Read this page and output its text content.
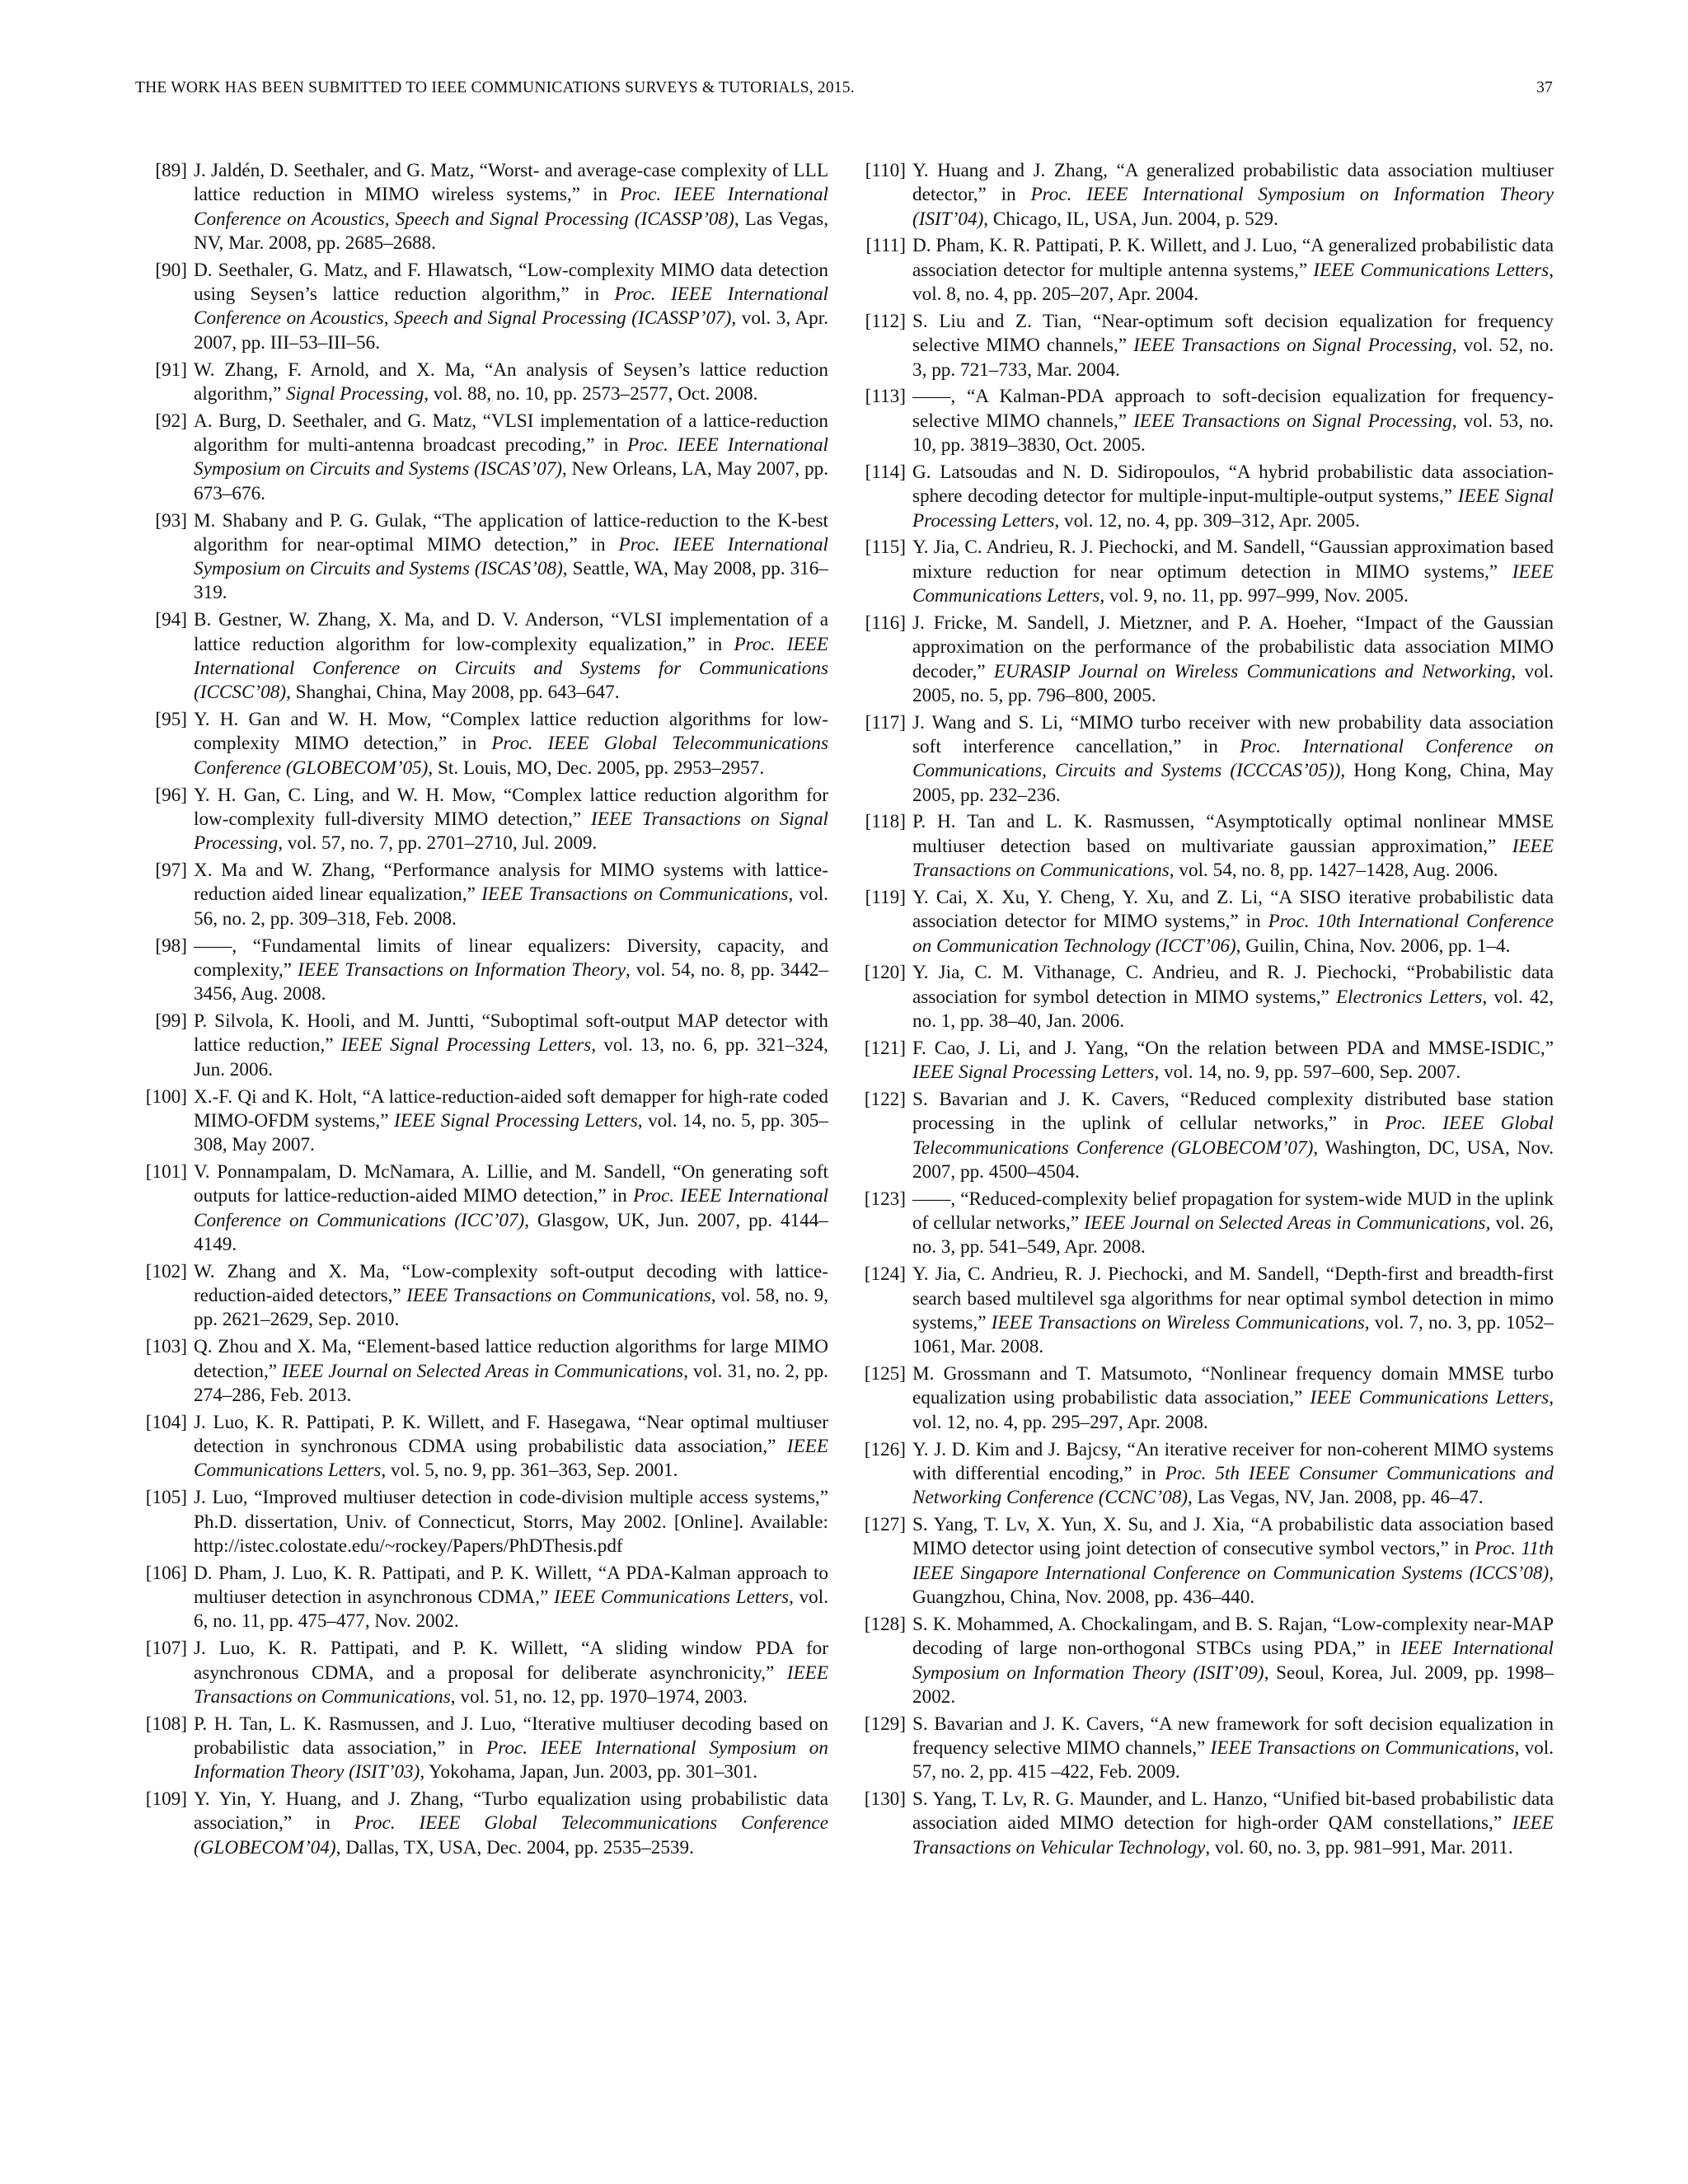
THE WORK HAS BEEN SUBMITTED TO IEEE COMMUNICATIONS SURVEYS & TUTORIALS, 2015.	37
[89] J. Jaldén, D. Seethaler, and G. Matz, “Worst- and average-case complexity of LLL lattice reduction in MIMO wireless systems,” in Proc. IEEE International Conference on Acoustics, Speech and Signal Processing (ICASSP’08), Las Vegas, NV, Mar. 2008, pp. 2685–2688.
[90] D. Seethaler, G. Matz, and F. Hlawatsch, “Low-complexity MIMO data detection using Seysen’s lattice reduction algorithm,” in Proc. IEEE International Conference on Acoustics, Speech and Signal Processing (ICASSP’07), vol. 3, Apr. 2007, pp. III–53–III–56.
[91] W. Zhang, F. Arnold, and X. Ma, “An analysis of Seysen’s lattice reduction algorithm,” Signal Processing, vol. 88, no. 10, pp. 2573–2577, Oct. 2008.
[92] A. Burg, D. Seethaler, and G. Matz, “VLSI implementation of a lattice-reduction algorithm for multi-antenna broadcast precoding,” in Proc. IEEE International Symposium on Circuits and Systems (ISCAS’07), New Orleans, LA, May 2007, pp. 673–676.
[93] M. Shabany and P. G. Gulak, “The application of lattice-reduction to the K-best algorithm for near-optimal MIMO detection,” in Proc. IEEE International Symposium on Circuits and Systems (ISCAS’08), Seattle, WA, May 2008, pp. 316–319.
[94] B. Gestner, W. Zhang, X. Ma, and D. V. Anderson, “VLSI implementation of a lattice reduction algorithm for low-complexity equalization,” in Proc. IEEE International Conference on Circuits and Systems for Communications (ICCSC’08), Shanghai, China, May 2008, pp. 643–647.
[95] Y. H. Gan and W. H. Mow, “Complex lattice reduction algorithms for low-complexity MIMO detection,” in Proc. IEEE Global Telecommunications Conference (GLOBECOM’05), St. Louis, MO, Dec. 2005, pp. 2953–2957.
[96] Y. H. Gan, C. Ling, and W. H. Mow, “Complex lattice reduction algorithm for low-complexity full-diversity MIMO detection,” IEEE Transactions on Signal Processing, vol. 57, no. 7, pp. 2701–2710, Jul. 2009.
[97] X. Ma and W. Zhang, “Performance analysis for MIMO systems with lattice-reduction aided linear equalization,” IEEE Transactions on Communications, vol. 56, no. 2, pp. 309–318, Feb. 2008.
[98] ——, “Fundamental limits of linear equalizers: Diversity, capacity, and complexity,” IEEE Transactions on Information Theory, vol. 54, no. 8, pp. 3442–3456, Aug. 2008.
[99] P. Silvola, K. Hooli, and M. Juntti, “Suboptimal soft-output MAP detector with lattice reduction,” IEEE Signal Processing Letters, vol. 13, no. 6, pp. 321–324, Jun. 2006.
[100] X.-F. Qi and K. Holt, “A lattice-reduction-aided soft demapper for high-rate coded MIMO-OFDM systems,” IEEE Signal Processing Letters, vol. 14, no. 5, pp. 305–308, May 2007.
[101] V. Ponnampalam, D. McNamara, A. Lillie, and M. Sandell, “On generating soft outputs for lattice-reduction-aided MIMO detection,” in Proc. IEEE International Conference on Communications (ICC’07), Glasgow, UK, Jun. 2007, pp. 4144–4149.
[102] W. Zhang and X. Ma, “Low-complexity soft-output decoding with lattice-reduction-aided detectors,” IEEE Transactions on Communications, vol. 58, no. 9, pp. 2621–2629, Sep. 2010.
[103] Q. Zhou and X. Ma, “Element-based lattice reduction algorithms for large MIMO detection,” IEEE Journal on Selected Areas in Communications, vol. 31, no. 2, pp. 274–286, Feb. 2013.
[104] J. Luo, K. R. Pattipati, P. K. Willett, and F. Hasegawa, “Near optimal multiuser detection in synchronous CDMA using probabilistic data association,” IEEE Communications Letters, vol. 5, no. 9, pp. 361–363, Sep. 2001.
[105] J. Luo, “Improved multiuser detection in code-division multiple access systems,” Ph.D. dissertation, Univ. of Connecticut, Storrs, May 2002. [Online]. Available: http://istec.colostate.edu/~rockey/Papers/PhDThesis.pdf
[106] D. Pham, J. Luo, K. R. Pattipati, and P. K. Willett, “A PDA-Kalman approach to multiuser detection in asynchronous CDMA,” IEEE Communications Letters, vol. 6, no. 11, pp. 475–477, Nov. 2002.
[107] J. Luo, K. R. Pattipati, and P. K. Willett, “A sliding window PDA for asynchronous CDMA, and a proposal for deliberate asynchronicity,” IEEE Transactions on Communications, vol. 51, no. 12, pp. 1970–1974, 2003.
[108] P. H. Tan, L. K. Rasmussen, and J. Luo, “Iterative multiuser decoding based on probabilistic data association,” in Proc. IEEE International Symposium on Information Theory (ISIT’03), Yokohama, Japan, Jun. 2003, pp. 301–301.
[109] Y. Yin, Y. Huang, and J. Zhang, “Turbo equalization using probabilistic data association,” in Proc. IEEE Global Telecommunications Conference (GLOBECOM’04), Dallas, TX, USA, Dec. 2004, pp. 2535–2539.
[110] Y. Huang and J. Zhang, “A generalized probabilistic data association multiuser detector,” in Proc. IEEE International Symposium on Information Theory (ISIT’04), Chicago, IL, USA, Jun. 2004, p. 529.
[111] D. Pham, K. R. Pattipati, P. K. Willett, and J. Luo, “A generalized probabilistic data association detector for multiple antenna systems,” IEEE Communications Letters, vol. 8, no. 4, pp. 205–207, Apr. 2004.
[112] S. Liu and Z. Tian, “Near-optimum soft decision equalization for frequency selective MIMO channels,” IEEE Transactions on Signal Processing, vol. 52, no. 3, pp. 721–733, Mar. 2004.
[113] ——, “A Kalman-PDA approach to soft-decision equalization for frequency-selective MIMO channels,” IEEE Transactions on Signal Processing, vol. 53, no. 10, pp. 3819–3830, Oct. 2005.
[114] G. Latsoudas and N. D. Sidiropoulos, “A hybrid probabilistic data association-sphere decoding detector for multiple-input-multiple-output systems,” IEEE Signal Processing Letters, vol. 12, no. 4, pp. 309–312, Apr. 2005.
[115] Y. Jia, C. Andrieu, R. J. Piechocki, and M. Sandell, “Gaussian approximation based mixture reduction for near optimum detection in MIMO systems,” IEEE Communications Letters, vol. 9, no. 11, pp. 997–999, Nov. 2005.
[116] J. Fricke, M. Sandell, J. Mietzner, and P. A. Hoeher, “Impact of the Gaussian approximation on the performance of the probabilistic data association MIMO decoder,” EURASIP Journal on Wireless Communications and Networking, vol. 2005, no. 5, pp. 796–800, 2005.
[117] J. Wang and S. Li, “MIMO turbo receiver with new probability data association soft interference cancellation,” in Proc. International Conference on Communications, Circuits and Systems (ICCCAS’05)), Hong Kong, China, May 2005, pp. 232–236.
[118] P. H. Tan and L. K. Rasmussen, “Asymptotically optimal nonlinear MMSE multiuser detection based on multivariate gaussian approximation,” IEEE Transactions on Communications, vol. 54, no. 8, pp. 1427–1428, Aug. 2006.
[119] Y. Cai, X. Xu, Y. Cheng, Y. Xu, and Z. Li, “A SISO iterative probabilistic data association detector for MIMO systems,” in Proc. 10th International Conference on Communication Technology (ICCT’06), Guilin, China, Nov. 2006, pp. 1–4.
[120] Y. Jia, C. M. Vithanage, C. Andrieu, and R. J. Piechocki, “Probabilistic data association for symbol detection in MIMO systems,” Electronics Letters, vol. 42, no. 1, pp. 38–40, Jan. 2006.
[121] F. Cao, J. Li, and J. Yang, “On the relation between PDA and MMSE-ISDIC,” IEEE Signal Processing Letters, vol. 14, no. 9, pp. 597–600, Sep. 2007.
[122] S. Bavarian and J. K. Cavers, “Reduced complexity distributed base station processing in the uplink of cellular networks,” in Proc. IEEE Global Telecommunications Conference (GLOBECOM’07), Washington, DC, USA, Nov. 2007, pp. 4500–4504.
[123] ——, “Reduced-complexity belief propagation for system-wide MUD in the uplink of cellular networks,” IEEE Journal on Selected Areas in Communications, vol. 26, no. 3, pp. 541–549, Apr. 2008.
[124] Y. Jia, C. Andrieu, R. J. Piechocki, and M. Sandell, “Depth-first and breadth-first search based multilevel sga algorithms for near optimal symbol detection in mimo systems,” IEEE Transactions on Wireless Communications, vol. 7, no. 3, pp. 1052–1061, Mar. 2008.
[125] M. Grossmann and T. Matsumoto, “Nonlinear frequency domain MMSE turbo equalization using probabilistic data association,” IEEE Communications Letters, vol. 12, no. 4, pp. 295–297, Apr. 2008.
[126] Y. J. D. Kim and J. Bajcsy, “An iterative receiver for non-coherent MIMO systems with differential encoding,” in Proc. 5th IEEE Consumer Communications and Networking Conference (CCNC’08), Las Vegas, NV, Jan. 2008, pp. 46–47.
[127] S. Yang, T. Lv, X. Yun, X. Su, and J. Xia, “A probabilistic data association based MIMO detector using joint detection of consecutive symbol vectors,” in Proc. 11th IEEE Singapore International Conference on Communication Systems (ICCS’08), Guangzhou, China, Nov. 2008, pp. 436–440.
[128] S. K. Mohammed, A. Chockalingam, and B. S. Rajan, “Low-complexity near-MAP decoding of large non-orthogonal STBCs using PDA,” in IEEE International Symposium on Information Theory (ISIT’09), Seoul, Korea, Jul. 2009, pp. 1998–2002.
[129] S. Bavarian and J. K. Cavers, “A new framework for soft decision equalization in frequency selective MIMO channels,” IEEE Transactions on Communications, vol. 57, no. 2, pp. 415 –422, Feb. 2009.
[130] S. Yang, T. Lv, R. G. Maunder, and L. Hanzo, “Unified bit-based probabilistic data association aided MIMO detection for high-order QAM constellations,” IEEE Transactions on Vehicular Technology, vol. 60, no. 3, pp. 981–991, Mar. 2011.
